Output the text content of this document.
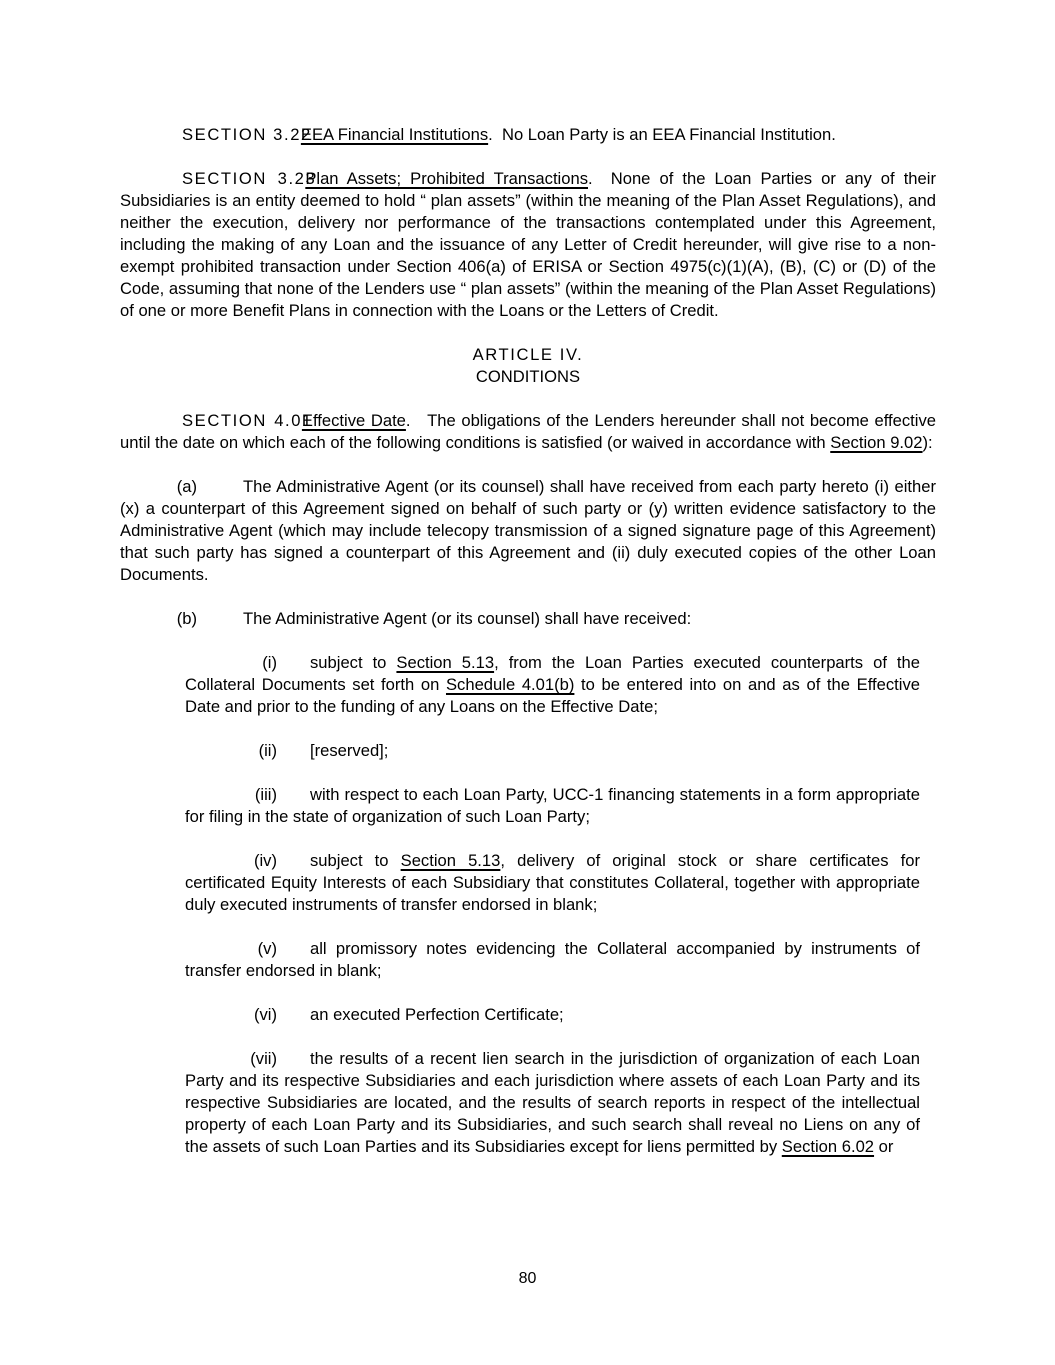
SECTION 3.22EEA Financial Institutions.  No Loan Party is an EEA Financial Institution.

SECTION 3.23Plan Assets; Prohibited Transactions.  None of the Loan Parties or any of their Subsidiaries is an entity deemed to hold “ plan assets” (within the meaning of the Plan Asset Regulations), and neither the execution, delivery nor performance of the transactions contemplated under this Agreement, including the making of any Loan and the issuance of any Letter of Credit hereunder, will give rise to a non-exempt prohibited transaction under Section 406(a) of ERISA or Section 4975(c)(1)(A), (B), (C) or (D) of the Code, assuming that none of the Lenders use “ plan assets” (within the meaning of the Plan Asset Regulations) of one or more Benefit Plans in connection with the Loans or the Letters of Credit.

ARTICLE IV.
CONDITIONS

SECTION 4.01Effective Date.   The obligations of the Lenders hereunder shall not become effective until the date on which each of the following conditions is satisfied (or waived in accordance with Section 9.02):

(a)	The Administrative Agent (or its counsel) shall have received from each party hereto (i) either (x) a counterpart of this Agreement signed on behalf of such party or (y) written evidence satisfactory to the Administrative Agent (which may include telecopy transmission of a signed signature page of this Agreement) that such party has signed a counterpart of this Agreement and (ii) duly executed copies of the other Loan Documents.

(b)	The Administrative Agent (or its counsel) shall have received:

(i) subject to Section 5.13, from the Loan Parties executed counterparts of the Collateral Documents set forth on Schedule 4.01(b) to be entered into on and as of the Effective Date and prior to the funding of any Loans on the Effective Date;

(ii) [reserved];

(iii) with respect to each Loan Party, UCC-1 financing statements in a form appropriate for filing in the state of organization of such Loan Party;

(iv) subject to Section 5.13, delivery of original stock or share certificates for certificated Equity Interests of each Subsidiary that constitutes Collateral, together with appropriate duly executed instruments of transfer endorsed in blank;

(v) all promissory notes evidencing the Collateral accompanied by instruments of transfer endorsed in blank;

(vi) an executed Perfection Certificate;

(vii) the results of a recent lien search in the jurisdiction of organization of each Loan Party and its respective Subsidiaries and each jurisdiction where assets of each Loan Party and its respective Subsidiaries are located, and the results of search reports in respect of the intellectual property of each Loan Party and its Subsidiaries, and such search shall reveal no Liens on any of the assets of such Loan Parties and its Subsidiaries except for liens permitted by Section 6.02 or

80
